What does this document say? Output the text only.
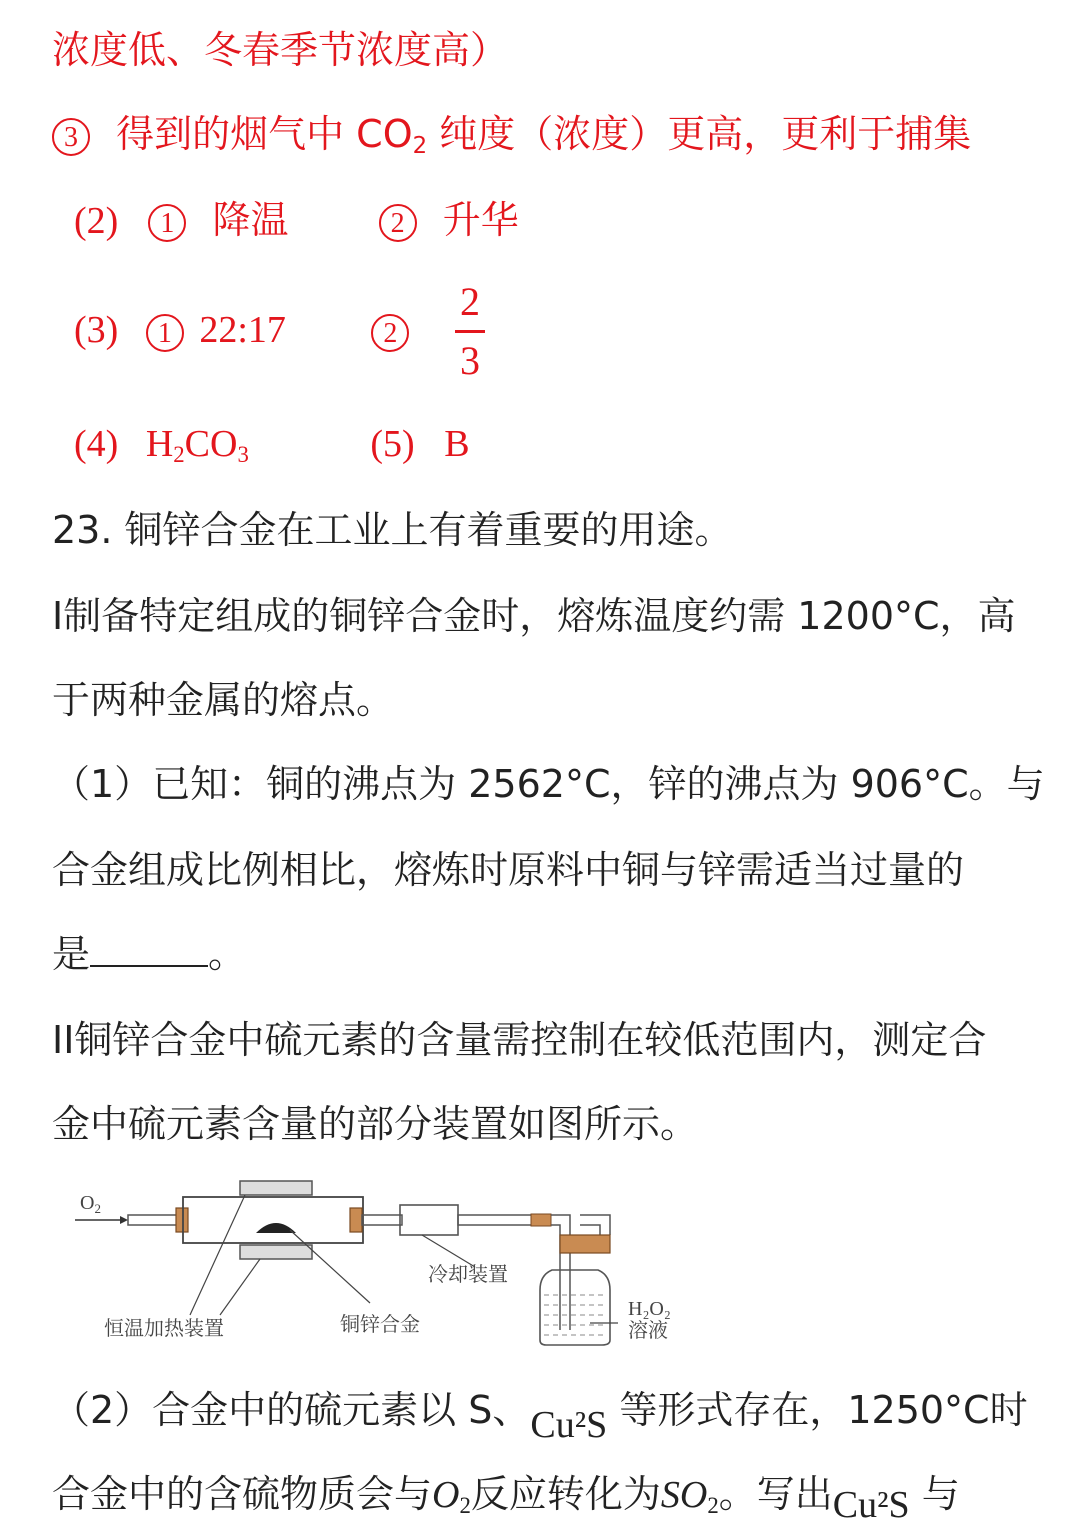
浓度低、冬春季节浓度高）
3 得到的烟气中 $CO_2$ 纯度（浓度）更高，更利于捕集
(2) 1 降温	2 升华
(3) 1 22:17	2
2
3
(4) $H_2CO_3$	(5) B
23. 铜锌合金在工业上有着重要的用途。
I制备特定组成的铜锌合金时，熔炼温度约需 1200°C，高
于两种金属的熔点。
（1）已知：铜的沸点为 2562°C，锌的沸点为 906°C。与
合金组成比例相比，熔炼时原料中铜与锌需适当过量的
是	。
II铜锌合金中硫元素的含量需控制在较低范围内，测定合
金中硫元素含量的部分装置如图所示。
$O_2$
恒温加热装置	铜锌合金
冷却装置
H₂O₂
溶液
（2）合金中的硫元素以 S、Cu²S 等形式存在，1250°C时
合金中的含硫物质会与$O_2$反应转化为$SO_2$。写出Cu²S 与
